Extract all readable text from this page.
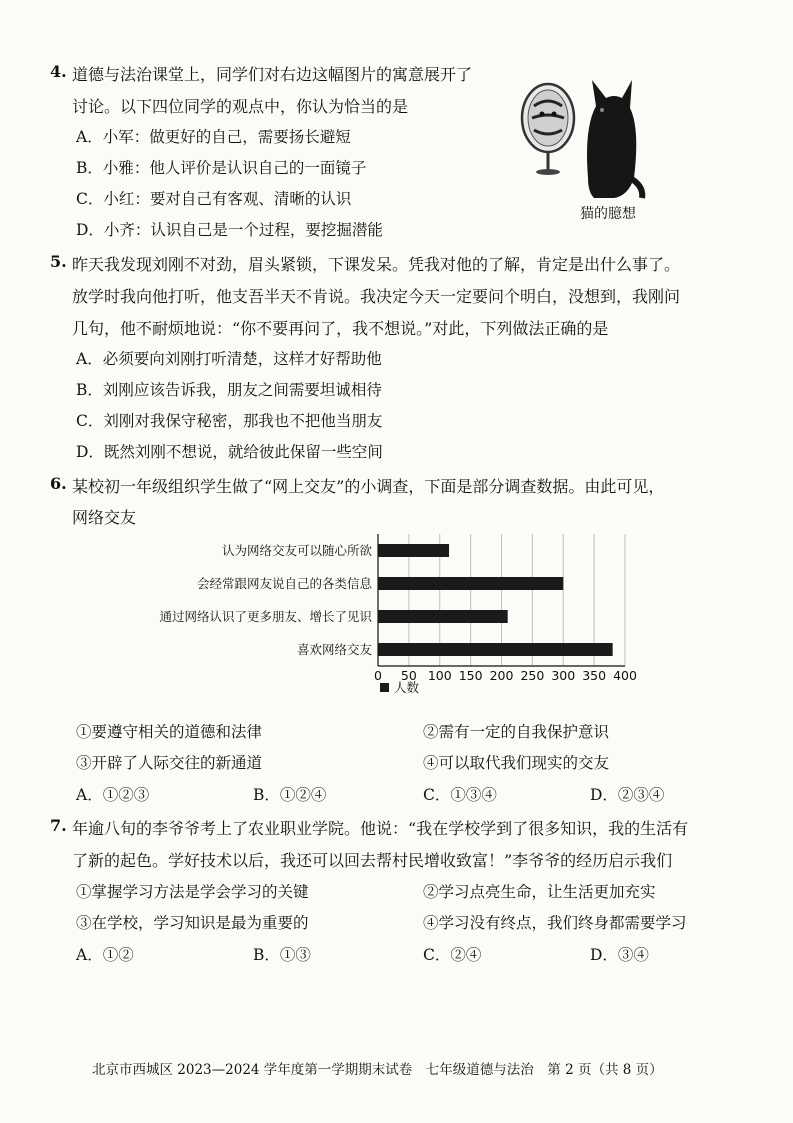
4. 道德与法治课堂上，同学们对右边这幅图片的寓意展开了
讨论。以下四位同学的观点中，你认为恰当的是
A．小军：做更好的自己，需要扬长避短
B．小雅：他人评价是认识自己的一面镜子
C．小红：要对自己有客观、清晰的认识
D．小齐：认识自己是一个过程，要挖掘潜能
猫的臆想
5. 昨天我发现刘刚不对劲，眉头紧锁，下课发呆。凭我对他的了解，肯定是出什么事了。
放学时我向他打听，他支吾半天不肯说。我决定今天一定要问个明白，没想到，我刚问
几句，他不耐烦地说：“你不要再问了，我不想说。”对此，下列做法正确的是
A．必须要向刘刚打听清楚，这样才好帮助他
B．刘刚应该告诉我，朋友之间需要坦诚相待
C．刘刚对我保守秘密，那我也不把他当朋友
D．既然刘刚不想说，就给彼此保留一些空间
6. 某校初一年级组织学生做了“网上交友”的小调查，下面是部分调查数据。由此可见，
网络交友
0 50 100 150 200 250 300 350 400
认为网络交友可以随心所欲
会经常跟网友说自己的各类信息
通过网络认识了更多朋友、增长了见识
喜欢网络交友
人数
①要遵守相关的道德和法律	②需有一定的自我保护意识
③开辟了人际交往的新通道	④可以取代我们现实的交友
A．①②③	B．①②④	C．①③④	D．②③④
7. 年逾八旬的李爷爷考上了农业职业学院。他说：“我在学校学到了很多知识，我的生活有
了新的起色。学好技术以后，我还可以回去帮村民增收致富！”李爷爷的经历启示我们
①掌握学习方法是学会学习的关键	②学习点亮生命，让生活更加充实
③在学校，学习知识是最为重要的	④学习没有终点，我们终身都需要学习
A．①②	B．①③	C．②④	D．③④
北京市西城区 2023—2024 学年度第一学期期末试卷　七年级道德与法治　第 2 页（共 8 页）
